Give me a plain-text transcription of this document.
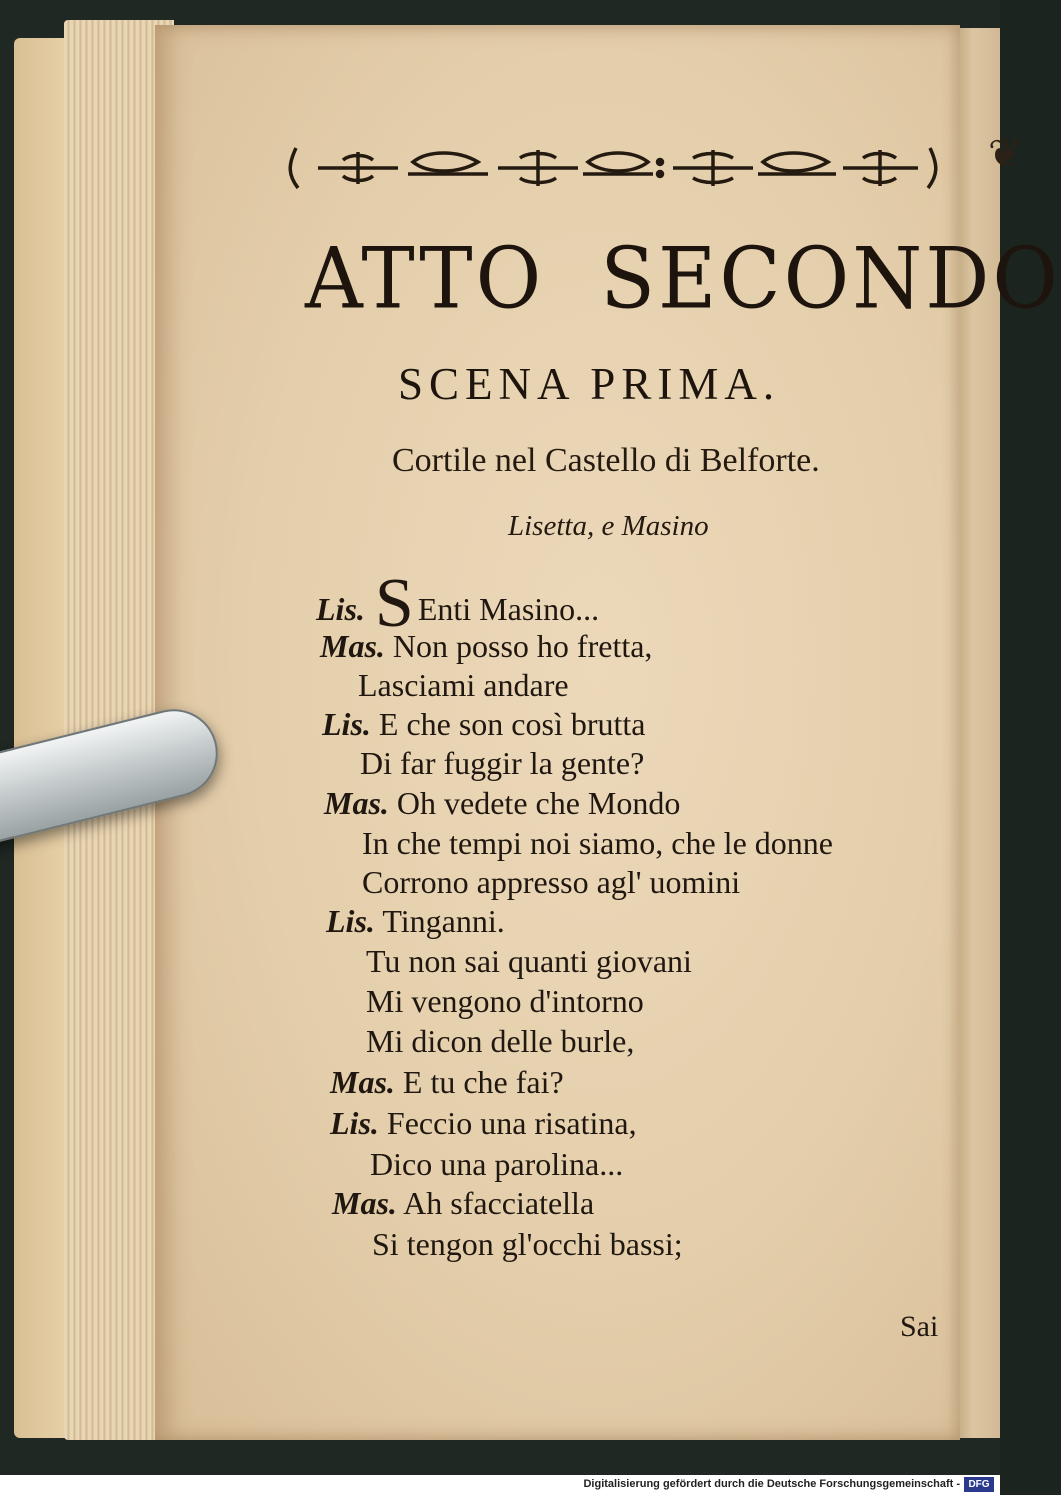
❦
ATTO SECONDO
SCENA PRIMA.
Cortile nel Castello di Belforte.
Lisetta, e Masino
Lis. S Enti Masino...
Mas. Non posso ho fretta,
Lasciami andare
Lis. E che son così brutta
Di far fuggir la gente?
Mas. Oh vedete che Mondo
In che tempi noi siamo, che le donne
Corrono appresso agl' uomini
Lis. Tinganni.
Tu non sai quanti giovani
Mi vengono d'intorno
Mi dicon delle burle,
Mas. E tu che fai?
Lis. Feccio una risatina,
Dico una parolina...
Mas. Ah sfacciatella
Si tengon gl'occhi bassi;
Sai
Digitalisierung gefördert durch die Deutsche Forschungsgemeinschaft - DFG
